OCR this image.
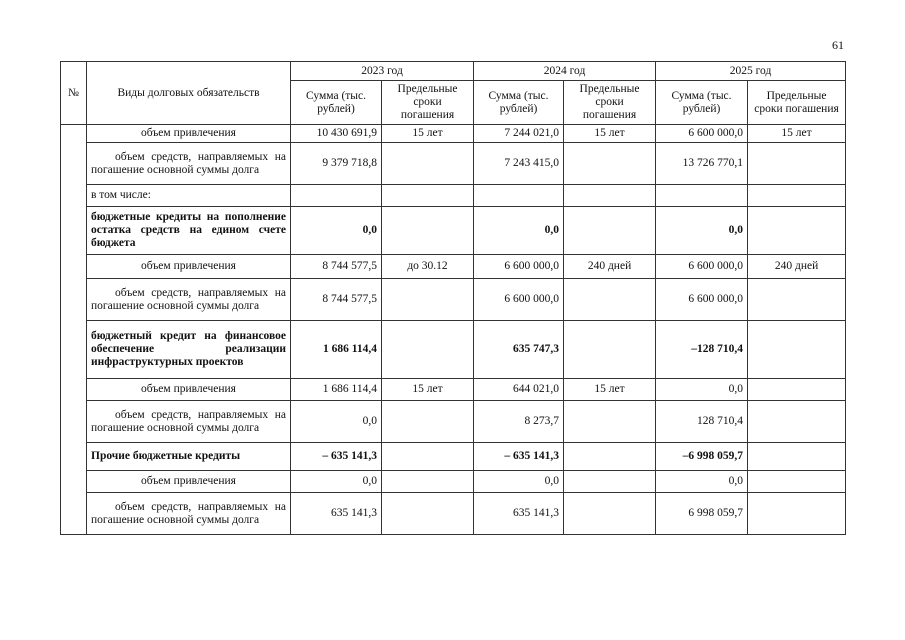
61
№	Виды долговых обязательств	2023 год		2024 год		2025 год	
		Сумма (тыс. рублей)	Предельные сроки погашения	Сумма (тыс. рублей)	Предельные сроки погашения	Сумма (тыс. рублей)	Предельные сроки погашения
	объем привлечения	10 430 691,9	15 лет	7 244 021,0	15 лет	6 600 000,0	15 лет
	объем средств, направляемых на погашение основной суммы долга	9 379 718,8		7 243 415,0		13 726 770,1	
	в том числе:						
	бюджетные кредиты на пополнение остатка средств на едином счете бюджета	0,0		0,0		0,0	
	объем привлечения	8 744 577,5	до 30.12	6 600 000,0	240 дней	6 600 000,0	240 дней
	объем средств, направляемых на погашение основной суммы долга	8 744 577,5		6 600 000,0		6 600 000,0	
	бюджетный кредит на финансовое обеспечение реализации инфраструктурных проектов	1 686 114,4		635 747,3		–128 710,4	
	объем привлечения	1 686 114,4	15 лет	644 021,0	15 лет	0,0	
	объем средств, направляемых на погашение основной суммы долга	0,0		8 273,7		128 710,4	
	Прочие бюджетные кредиты	– 635 141,3		– 635 141,3		–6 998 059,7	
	объем привлечения	0,0		0,0		0,0	
	объем средств, направляемых на погашение основной суммы долга	635 141,3		635 141,3		6 998 059,7	
